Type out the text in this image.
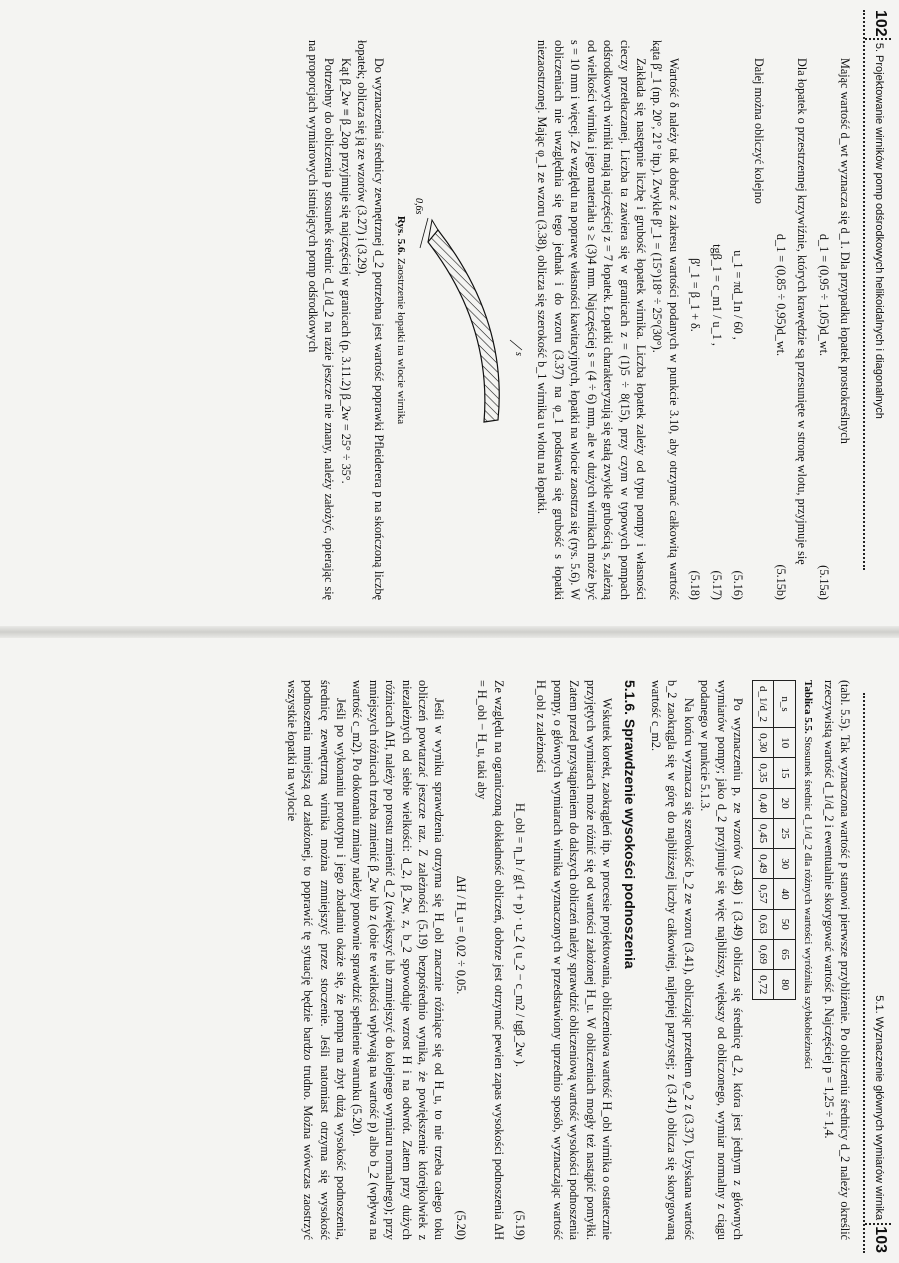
102  5. Projektowanie wirników pomp odśrodkowych helikoidalnych i diagonalnych

Mając wartość d_wt wyznacza się d_1. Dla przypadku łopatek prostokreślnych

d_1 = (0,95 ÷ 1,05)d_wt.
(5.15a)

Dla łopatek o przestrzennej krzywiźnie, których krawędzie są przesunięte w stronę wlotu, przyjmuje się

d_1 = (0,85 ÷ 0,95)d_wt.
(5.15b)

Dalej można obliczyć kolejno

u_1 = πd_1n / 60 ,
(5.16)
tgβ_1 = c_m1 / u_1 ,
(5.17)
β'_1 = β_1 + δ.
(5.18)

Wartość δ należy tak dobrać z zakresu wartości podanych w punkcie 3.10, aby otrzymać całkowitą wartość kąta β'_1 (np. 20°, 21° itp.). Zwykle β'_1 = (15°)18° ÷ 25°(30°).

Zakłada się następnie liczbę i grubość łopatek wirnika. Liczba łopatek zależy od typu pompy i własności cieczy przetłaczanej. Liczba ta zawiera się w granicach z = (1)5 ÷ 8(15), przy czym w typowych pompach odśrodkowych wirniki mają najczęściej z = 7 łopatek. Łopatki charakteryzują się stałą zwykle grubością s, zależną od wielkości wirnika i jego materiału s ≥ (3)4 mm. Najczęściej s = (4 ÷ 6) mm, ale w dużych wirnikach może być s = 10 mm i więcej. Ze względu na poprawę własności kawitacyjnych, łopatki na wlocie zaostrza się (rys. 5.6). W obliczeniach nie uwzględnia się tego jednak i do wzoru (3.37) na φ_1 podstawia się grubość s łopatki niezaostrzonej. Mając φ_1 ze wzoru (3.38), oblicza się szerokość b_1 wirnika u wlotu na łopatki.

s
0,6s
Rys. 5.6. Zaostrzenie łopatki na wlocie wirnika

Do wyznaczenia średnicy zewnętrznej d_2 potrzebna jest wartość poprawki Pfleiderera p na skończoną liczbę łopatek; oblicza się ją ze wzorów (3.27) i (3.29).

Kąt β_2w ≡ β_2op przyjmuje się najczęściej w granicach (p. 3.11.2) β_2w = 25° ÷ 35°.

Potrzebny do obliczenia p stosunek średnic d_1/d_2 na razie jeszcze nie znany, należy założyć, opierając się na proporcjach wymiarowych istniejących pomp odśrodkowych

5.1. Wyznaczenie głównych wymiarów wirnika  103

(tabl. 5.5). Tak wyznaczona wartość p stanowi pierwsze przybliżenie. Po obliczeniu średnicy d_2 należy określić rzeczywistą wartość d_1/d_2 i ewentualnie skorygować wartość p. Najczęściej p = 1,25 ÷ 1,4.

Tablica 5.5. Stosunek średnic d_1/d_2 dla różnych wartości wyróżnika szybkobieżności
n_s	10	15	20	25	30	40	50	65	80
d_1/d_2	0,30	0,35	0,40	0,45	0,49	0,57	0,63	0,69	0,72

Po wyznaczeniu p, ze wzorów (3.48) i (3.49) oblicza się średnicę d_2, która jest jednym z głównych wymiarów pompy; jako d_2 przyjmuje się więc najbliższy, większy od obliczonego, wymiar normalny z ciągu podanego w punkcie 5.1.3.

Na końcu wyznacza się szerokość b_2 ze wzoru (3.41), obliczając przedtem φ_2 z (3.37). Uzyskana wartość b_2 zaokrągla się w górę do najbliższej liczby całkowitej, najlepiej parzystej; z (3.41) oblicza się skorygowaną wartość c_m2.

5.1.6. Sprawdzenie wysokości podnoszenia

Wskutek korekt, zaokrągleń itp. w procesie projektowania, obliczeniowa wartość H_obl wirnika o ostatecznie przyjętych wymiarach może różnić się od wartości założonej H_u. W obliczeniach mogły też nastąpić pomyłki. Zatem przed przystąpieniem do dalszych obliczeń należy sprawdzić obliczeniową wartość wysokości podnoszenia pompy, o głównych wymiarach wirnika wyznaczonych w przedstawiony uprzednio sposób, wyznaczając wartość H_obl z zależności

H_obl = η_h / g(1 + p) · u_2 ( u_2 − c_m2 / tgβ_2w ).
(5.19)

Ze względu na ograniczoną dokładność obliczeń, dobrze jest otrzymać pewien zapas wysokości podnoszenia ΔH = H_obl − H_u, taki aby

ΔH / H_u = 0,02 ÷ 0,05.
(5.20)

Jeśli w wyniku sprawdzenia otrzyma się H_obl znacznie różniące się od H_u, to nie trzeba całego toku obliczeń powtarzać jeszcze raz. Z zależności (5.19) bezpośrednio wynika, że powiększenie którejkolwiek z niezależnych od siebie wielkości: d_2, β_2w, z, b_2 spowoduje wzrost H i na odwrót. Zatem przy dużych różnicach ΔH, należy po prostu zmienić d_2 (zwiększyć lub zmniejszyć do kolejnego wymiaru normalnego); przy mniejszych różnicach trzeba zmienić β_2w lub z (obie te wielkości wpływają na wartość p) albo b_2 (wpływa na wartość c_m2). Po dokonaniu zmiany należy ponownie sprawdzić spełnienie warunku (5.20).

Jeśli po wykonaniu prototypu i jego zbadaniu okaże się, że pompa ma zbyt dużą wysokość podnoszenia, średnicę zewnętrzną wirnika można zmniejszyć przez stoczenie. Jeśli natomiast otrzyma się wysokość podnoszenia mniejszą od założonej, to poprawić tę sytuację będzie bardzo trudno. Można wówczas zaostrzyć wszystkie łopatki na wylocie
